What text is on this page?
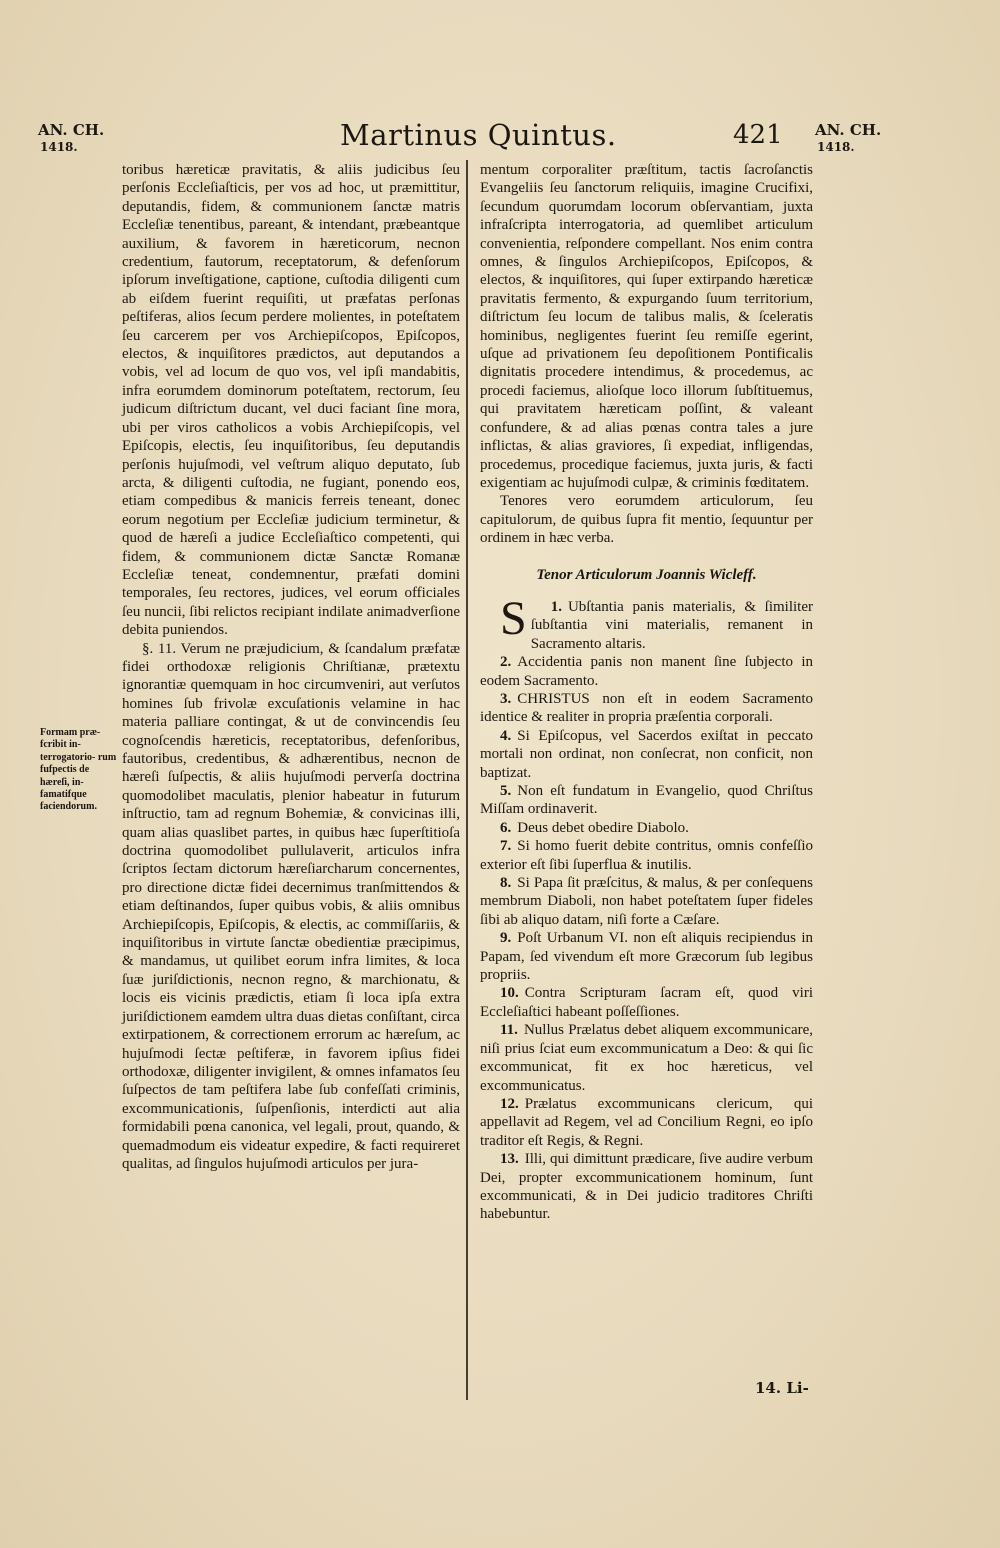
AN. CH.
1418.	Martinus Quintus.	421 AN. CH.
1418.
Formam præ- fcribit in- terrogatorio- rum fufpectis de hæreſi, in- famatifque faciendorum.

toribus hæreticæ pravitatis, & aliis judicibus ſeu perſonis Eccleſiaſticis, per vos ad hoc, ut præmittitur, deputandis, fidem, & communionem ſanctæ matris Eccleſiæ tenentibus, pareant, & intendant, præbeantque auxilium, & favorem in hæreticorum, necnon credentium, fautorum, receptatorum, & defenſorum ipſorum inveſtigatione, captione, cuſtodia diligenti cum ab eiſdem fuerint requiſiti, ut præfatas perſonas peſtiferas, alios ſecum perdere molientes, in poteſtatem ſeu carcerem per vos Archiepiſcopos, Epiſcopos, electos, & inquiſitores prædictos, aut deputandos a vobis, vel ad locum de quo vos, vel ipſi mandabitis, infra eorumdem dominorum poteſtatem, rectorum, ſeu judicum diſtrictum ducant, vel duci faciant ſine mora, ubi per viros catholicos a vobis Archiepiſcopis, vel Epiſcopis, electis, ſeu inquiſitoribus, ſeu deputandis perſonis hujuſmodi, vel veſtrum aliquo deputato, ſub arcta, & diligenti cuſtodia, ne fugiant, ponendo eos, etiam compedibus & manicis ferreis teneant, donec eorum negotium per Eccleſiæ judicium terminetur, & quod de hæreſi a judice Eccleſiaſtico competenti, qui fidem, & communionem dictæ Sanctæ Romanæ Eccleſiæ teneat, condemnentur, præfati domini temporales, ſeu rectores, judices, vel eorum officiales ſeu nuncii, ſibi relictos recipiant indilate animadverſione debita puniendos.

§. 11. Verum ne præjudicium, & ſcandalum præfatæ fidei orthodoxæ religionis Chriſtianæ, prætextu ignorantiæ quemquam in hoc circumveniri, aut verſutos homines ſub frivolæ excuſationis velamine in hac materia palliare contingat, & ut de convincendis ſeu cognoſcendis hæreticis, receptatoribus, defenſoribus, fautoribus, credentibus, & adhærentibus, necnon de hæreſi ſuſpectis, & aliis hujuſmodi perverſa doctrina quomodolibet maculatis, plenior habeatur in futurum inſtructio, tam ad regnum Bohemiæ, & convicinas illi, quam alias quaslibet partes, in quibus hæc ſuperſtitioſa doctrina quomodolibet pullulaverit, articulos infra ſcriptos ſectam dictorum hæreſiarcharum concernentes, pro directione dictæ fidei decernimus tranſmittendos & etiam deſtinandos, ſuper quibus vobis, & aliis omnibus Archiepiſcopis, Epiſcopis, & electis, ac commiſſariis, & inquiſitoribus in virtute ſanctæ obedientiæ præcipimus, & mandamus, ut quilibet eorum infra limites, & loca ſuæ juriſdictionis, necnon regno, & marchionatu, & locis eis vicinis prædictis, etiam ſi loca ipſa extra juriſdictionem eamdem ultra duas dietas conſiſtant, circa extirpationem, & correctionem errorum ac hæreſum, ac hujuſmodi ſectæ peſtiferæ, in favorem ipſius fidei orthodoxæ, diligenter invigilent, & omnes infamatos ſeu ſuſpectos de tam peſtifera labe ſub confeſſati criminis, excommunicationis, ſuſpenſionis, interdicti aut alia formidabili pœna canonica, vel legali, prout, quando, & quemadmodum eis videatur expedire, & facti requireret qualitas, ad ſingulos hujuſmodi articulos per jura-

mentum corporaliter præſtitum, tactis ſacroſanctis Evangeliis ſeu ſanctorum reliquiis, imagine Crucifixi, ſecundum quorumdam locorum obſervantiam, juxta infraſcripta interrogatoria, ad quemlibet articulum convenientia, reſpondere compellant. Nos enim contra omnes, & ſingulos Archiepiſcopos, Epiſcopos, & electos, & inquiſitores, qui ſuper extirpando hæreticæ pravitatis fermento, & expurgando ſuum territorium, diſtrictum ſeu locum de talibus malis, & ſceleratis hominibus, negligentes fuerint ſeu remiſſe egerint, uſque ad privationem ſeu depoſitionem Pontificalis dignitatis procedere intendimus, & procedemus, ac procedi faciemus, alioſque loco illorum ſubſtituemus, qui pravitatem hæreticam poſſint, & valeant confundere, & ad alias pœnas contra tales a jure inflictas, & alias graviores, ſi expediat, infligendas, procedemus, procedique faciemus, juxta juris, & facti exigentiam ac hujuſmodi culpæ, & criminis fœditatem.

Tenores vero eorumdem articulorum, ſeu capitulorum, de quibus ſupra fit mentio, ſequuntur per ordinem in hæc verba.

Tenor Articulorum Joannis Wicleff.

1.
S	Ubſtantia panis materialis, & ſimiliter ſubſtantia vini materialis, remanent in Sacramento altaris.

2. Accidentia panis non manent ſine ſubjecto in eodem Sacramento.

3. CHRISTUS non eſt in eodem Sacramento identice & realiter in propria præſentia corporali.

4. Si Epiſcopus, vel Sacerdos exiſtat in peccato mortali non ordinat, non conſecrat, non conficit, non baptizat.

5. Non eſt fundatum in Evangelio, quod Chriſtus Miſſam ordinaverit.

6. Deus debet obedire Diabolo.

7. Si homo fuerit debite contritus, omnis confeſſio exterior eſt ſibi ſuperflua & inutilis.

8. Si Papa ſit præſcitus, & malus, & per conſequens membrum Diaboli, non habet poteſtatem ſuper fideles ſibi ab aliquo datam, niſi forte a Cæſare.

9. Poſt Urbanum VI. non eſt aliquis recipiendus in Papam, ſed vivendum eſt more Græcorum ſub legibus propriis.

10. Contra Scripturam ſacram eſt, quod viri Eccleſiaſtici habeant poſſeſſiones.

11. Nullus Prælatus debet aliquem excommunicare, niſi prius ſciat eum excommunicatum a Deo: & qui ſic excommunicat, fit ex hoc hæreticus, vel excommunicatus.

12. Prælatus excommunicans clericum, qui appellavit ad Regem, vel ad Concilium Regni, eo ipſo traditor eſt Regis, & Regni.

13. Illi, qui dimittunt prædicare, ſive audire verbum Dei, propter excommunicationem hominum, ſunt excommunicati, & in Dei judicio traditores Chriſti habebuntur.

14. Li-
